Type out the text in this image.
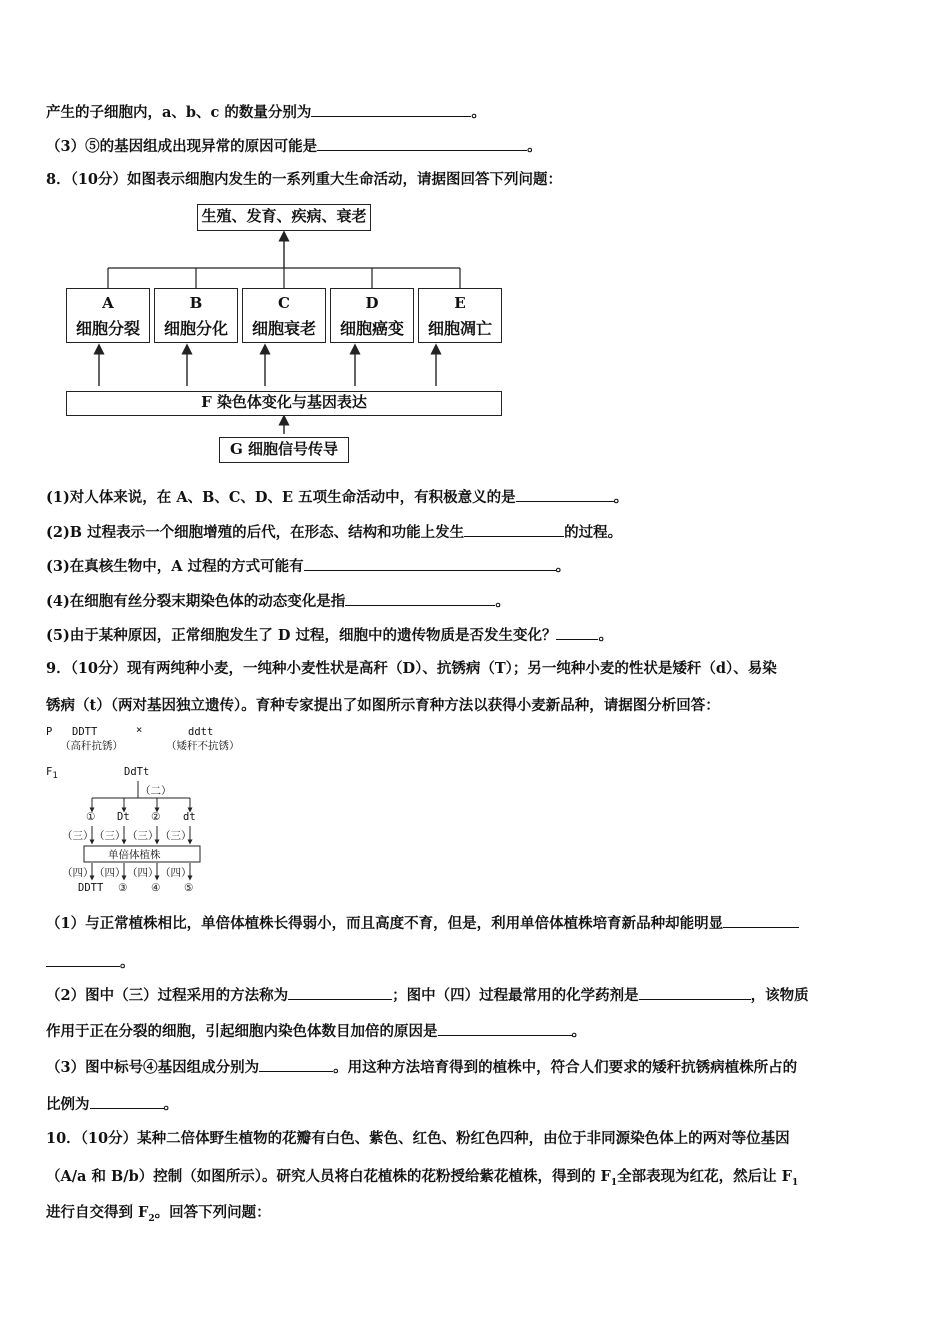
产生的子细胞内，a、b、c 的数量分别为	。
（3）⑤的基因组成出现异常的原因可能是	。
8．（10分）如图表示细胞内发生的一系列重大生命活动，请据图回答下列问题：
生殖、发育、疾病、衰老
A
细胞分裂
B
细胞分化
C
细胞衰老
D
细胞癌变
E
细胞凋亡
F 染色体变化与基因表达
G 细胞信号传导
(1)对人体来说，在 A、B、C、D、E 五项生命活动中，有积极意义的是	。
(2)B 过程表示一个细胞增殖的后代，在形态、结构和功能上发生	的过程。
(3)在真核生物中，A 过程的方式可能有	。
(4)在细胞有丝分裂末期染色体的动态变化是指	。
(5)由于某种原因，正常细胞发生了 D 过程，细胞中的遗传物质是否发生变化？	。
9．（10分）现有两纯种小麦，一纯种小麦性状是高秆（D）、抗锈病（T）；另一纯种小麦的性状是矮秆（d）、易染
锈病（t）（两对基因独立遗传）。育种专家提出了如图所示育种方法以获得小麦新品种，请据图分析回答：
P DDTT
（高秆抗锈）
×	ddtt
（矮秆不抗锈）
F1	DdTt
（二）
① Dt ② dt
（三） （三） （三） （三）
单倍体植株
（四） （四） （四） （四）
DDTT ③ ④ ⑤
（1）与正常植株相比，单倍体植株长得弱小，而且高度不育，但是，利用单倍体植株培育新品种却能明显
。
（2）图中（三）过程采用的方法称为	；图中（四）过程最常用的化学药剂是	，该物质
作用于正在分裂的细胞，引起细胞内染色体数目加倍的原因是	。
（3）图中标号④基因组成分别为	。用这种方法培育得到的植株中，符合人们要求的矮秆抗锈病植株所占的
比例为	。
10．（10分）某种二倍体野生植物的花瓣有白色、紫色、红色、粉红色四种，由位于非同源染色体上的两对等位基因
（A/a 和 B/b）控制（如图所示）。研究人员将白花植株的花粉授给紫花植株，得到的 $F_1$全部表现为红花，然后让 $F_1$
进行自交得到 $F_2$。回答下列问题：
